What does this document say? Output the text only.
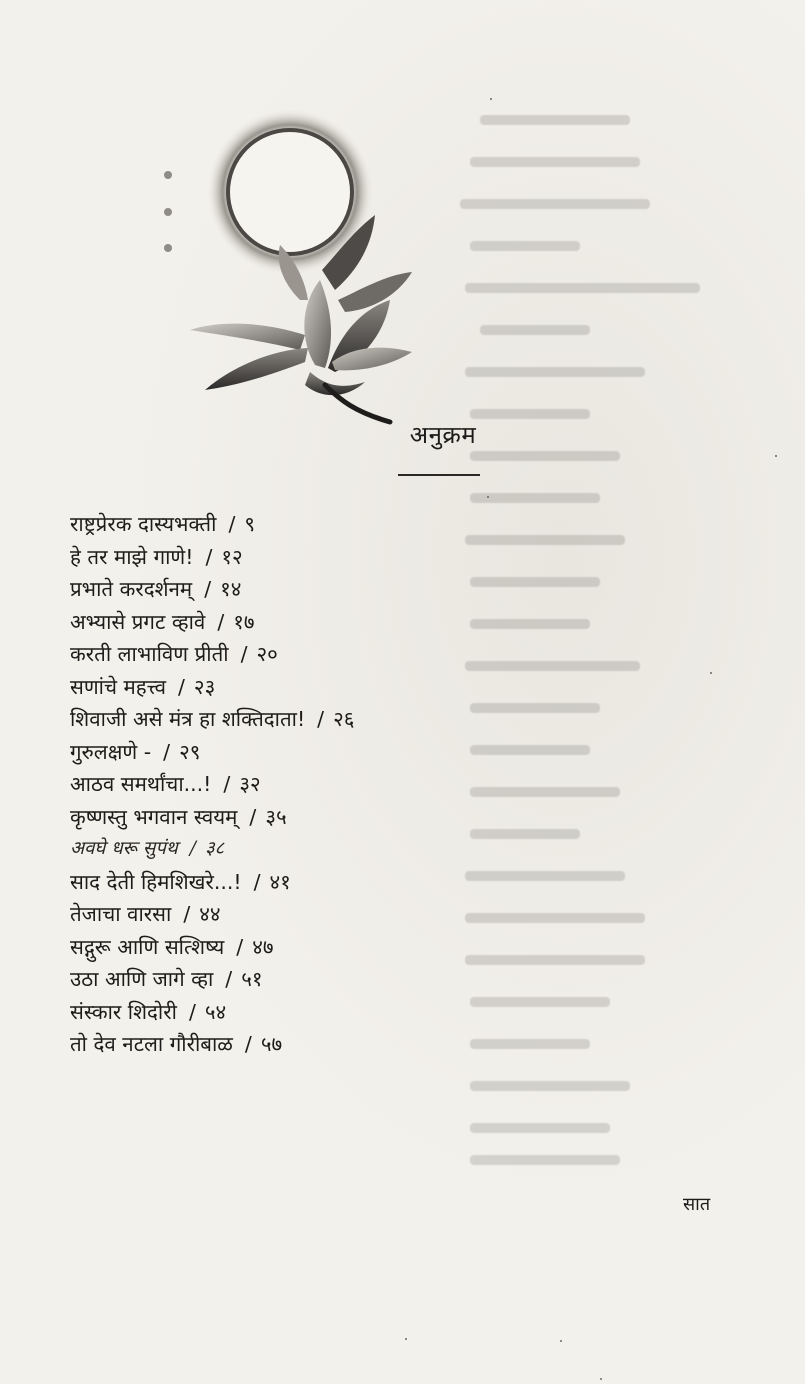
अनुक्रम
राष्ट्रप्रेरक दास्यभक्ती / ९
हे तर माझे गाणे! / १२
प्रभाते करदर्शनम् / १४
अभ्यासे प्रगट व्हावे / १७
करती लाभाविण प्रीती / २०
सणांचे महत्त्व / २३
शिवाजी असे मंत्र हा शक्तिदाता! / २६
गुरुलक्षणे - / २९
आठव समर्थांचा...! / ३२
कृष्णस्तु भगवान स्वयम् / ३५
अवघे धरू सुपंथ / ३८
साद देती हिमशिखरे...! / ४१
तेजाचा वारसा / ४४
सद्गुरू आणि सत्शिष्य / ४७
उठा आणि जागे व्हा / ५१
संस्कार शिदोरी / ५४
तो देव नटला गौरीबाळ / ५७
सात
